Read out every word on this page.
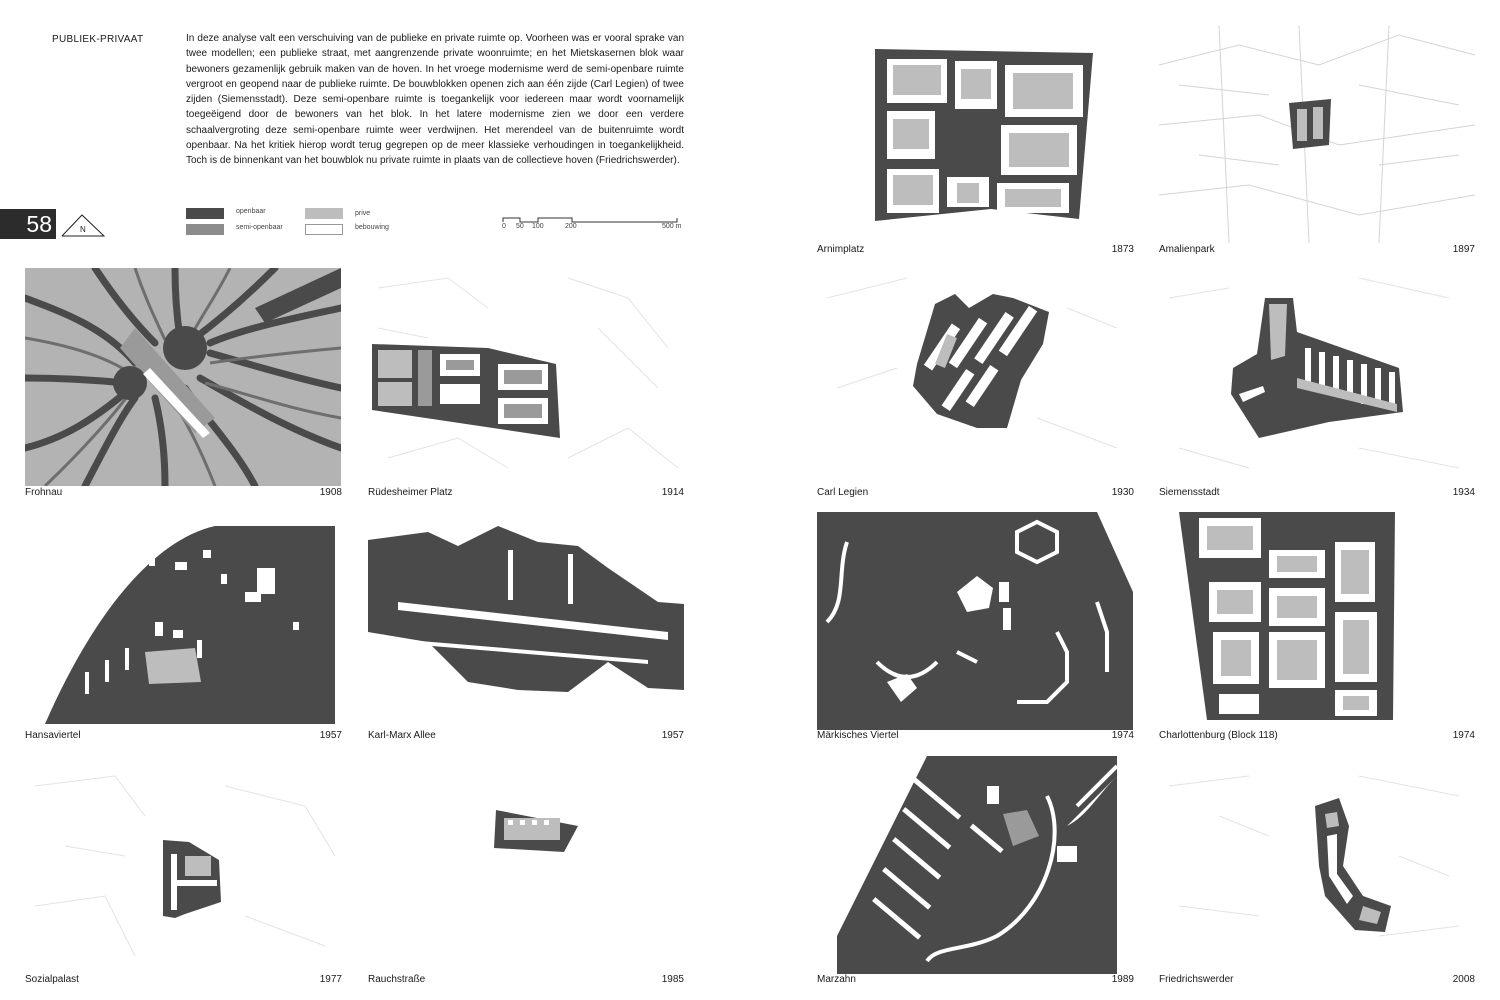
PUBLIEK-PRIVAAT	In deze analyse valt een verschuiving van de publieke en private ruimte op. Voorheen was er vooral sprake van twee modellen; een publieke straat, met aangrenzende private woonruimte; en het Mietskasernen blok waar bewoners gezamenlijk gebruik maken van de hoven. In het vroege modernisme werd de semi-openbare ruimte vergroot en geopend naar de publieke ruimte. De bouwblokken openen zich aan één zijde (Carl Legien) of twee zijden (Siemensstadt). Deze semi-openbare ruimte is toegankelijk voor iedereen maar wordt voornamelijk toegeëigend door de bewoners van het blok. In het latere modernisme zien we door een verdere schaalvergroting deze semi-openbare ruimte weer verdwijnen. Het merendeel van de buitenruimte wordt openbaar. Na het kritiek hierop wordt terug gegrepen op de meer klassieke verhoudingen in toegankelijkheid. Toch is de binnenkant van het bouwblok nu private ruimte in plaats van de collectieve hoven (Friedrichswerder).

58	N
openbaar
semi-openbaar
prive
bebouwing	0 50 100	200	500 m
Frohnau	1908	Rüdesheimer Platz	1914
Hansaviertel	1957	Karl-Marx Allee	1957
Sozialpalast	1977	Rauchstraße	1985
Arnimplatz	1873	Amalienpark	1897
Carl Legien	1930	Siemensstadt	1934
Märkisches Viertel	1974	Charlottenburg (Block 118)	1974
Marzahn	1989	Friedrichswerder	2008
